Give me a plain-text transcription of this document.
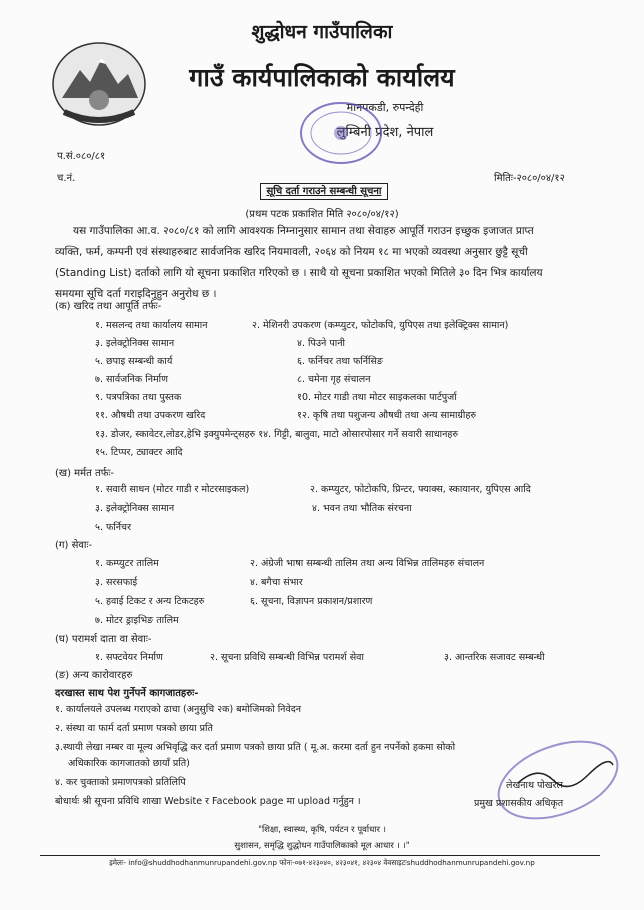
शुद्धोधन गाउँपालिका
गाउँ कार्यपालिकाको कार्यालय
मानपकडी, रुपन्देही
लुम्बिनी प्रदेश, नेपाल
प.सं.०८०/८१
च.नं.	मितिः-२०८०/०४/१२
सूचि दर्ता गराउने सम्बन्धी सूचना
(प्रथम पटक प्रकाशित मिति २०८०/०४/१२)
यस गाउँपालिका आ.व. २०८०/८१ को लागि आवश्यक निम्नानुसार सामान तथा सेवाहरु आपूर्ति गराउन इच्छुक इजाजत प्राप्त
व्यक्ति, फर्म, कम्पनी एवं संस्थाहरुबाट सार्वजनिक खरिद नियमावली, २०६४ को नियम १८ मा भएको व्यवस्था अनुसार छुट्टै सूची
(Standing List) दर्ताको लागि यो सूचना प्रकाशित गरिएको छ । साथै यो सूचना प्रकाशित भएको मितिले ३० दिन भित्र कार्यालय
समयमा सूचि दर्ता गराइदिनुहुन अनुरोध छ ।
(क) खरिद तथा आपूर्ति तर्फः-
१. मसलन्द तथा कार्यालय सामान	२. मेशिनरी उपकरण (कम्प्युटर, फोटोकपि, युपिएस तथा इलेक्ट्रिक्स सामान)
३. इलेक्ट्रोनिक्स सामान	४. पिउने पानी
५. छपाइ सम्बन्धी कार्य	६. फर्निचर तथा फर्निसिङ
७. सार्वजनिक निर्माण	८. चमेना गृह संचालन
९. पत्रपत्रिका तथा पुस्तक	१0. मोटर गाडी तथा मोटर साइकलका पार्टपुर्जा
११. औषधी तथा उपकरण खरिद	१२. कृषि तथा पशुजन्य औषधी तथा अन्य सामाग्रीहरु
१३. डोजर, स्कावेटर,लोडर,हेभि इक्युपमेन्ट्सहरु १४. गिट्टी, बालुवा, माटो ओसारपोसार गर्ने सवारी साधानहरु
१५. टिप्पर, ट्याक्टर आदि
(ख) मर्मत तर्फः-
१. सवारी साधन (मोटर गाडी र मोटरसाइकल)	२. कम्प्युटर, फोटोकपि, प्रिन्टर, फ्याक्स, स्कायानर, युपिएस आदि
३. इलेक्ट्रोनिक्स सामान	४. भवन तथा भौतिक संरचना
५. फर्निचर
(ग) सेवाः-
१. कम्प्युटर तालिम	२. अंग्रेजी भाषा सम्बन्धी तालिम तथा अन्य विभिन्न तालिमहरु संचालन
३. सरसफाई	४. बगैचा संभार
५. हवाई टिकट र अन्य टिकटहरु	६. सूचना, विज्ञापन प्रकाशन/प्रशारण
७. मोटर ड्राइभिङ तालिम
(घ) परामर्श दाता वा सेवाः-
१. सफ्टवेयर निर्माण	२. सूचना प्रविधि सम्बन्धी विभिन्न परामर्श सेवा	३. आन्तरिक सजावट सम्बन्धी
(ङ) अन्य कारोवारहरु
दरखास्त साथ पेश गुर्नेपर्ने कागजातहरुः-
१. कार्यालयले उपलब्ध गराएको ढाचा (अनुसुचि २क) बमोजिमको निवेदन
२. संस्था वा फार्म दर्ता प्रमाण पत्रको छाया प्रति
३.स्थायी लेखा नम्बर वा मूल्य अभिवृद्धि कर दर्ता प्रमाण पत्रको छाया प्रति ( मू.अ. करमा दर्ता हुन नपर्नेको हकमा सोको
अधिकारिक कागजातको छायाँ प्रति)
४. कर चुक्ताको प्रमाणपत्रको प्रतिलिपि
बोधार्थः श्री सूचना प्रविधि शाखा Website र Facebook page मा upload गर्नुहुन ।
लेखनाथ पोखरेल
प्रमुख प्रशासकीय अधिकृत
"शिक्षा, स्वास्थ्य, कृषि, पर्यटन र पूर्वाधार ।
सुशासन, समृद्धि शुद्धोधन गाउँपालिकाको मूल आधार । ।"
इमेलः- info@shuddhodhanmunrupandehi.gov.np फोनः-०७१-४२३०४०, ४२३०४१, ४२३०४ वेवसाइटःshuddhodhanmunrupandehi.gov.np
